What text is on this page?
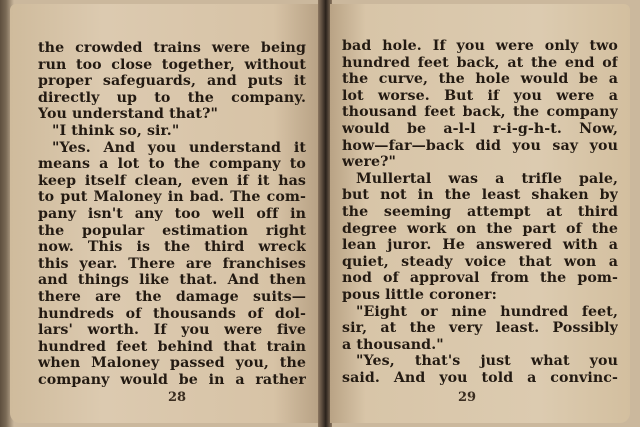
the crowded trains were being
run too close together, without
proper safeguards, and puts it
directly up to the company.
You understand that?"
"I think so, sir."
"Yes. And you understand it
means a lot to the company to
keep itself clean, even if it has
to put Maloney in bad. The com-
pany isn't any too well off in
the popular estimation right
now. This is the third wreck
this year. There are franchises
and things like that. And then
there are the damage suits—
hundreds of thousands of dol-
lars' worth. If you were five
hundred feet behind that train
when Maloney passed you, the
company would be in a rather
28
bad hole. If you were only two
hundred feet back, at the end of
the curve, the hole would be a
lot worse. But if you were a
thousand feet back, the company
would be a-l-l r-i-g-h-t. Now,
how—far—back did you say you
were?"
Mullertal was a trifle pale,
but not in the least shaken by
the seeming attempt at third
degree work on the part of the
lean juror. He answered with a
quiet, steady voice that won a
nod of approval from the pom-
pous little coroner:
"Eight or nine hundred feet,
sir, at the very least. Possibly
a thousand."
"Yes, that's just what you
said. And you told a convinc-
29
